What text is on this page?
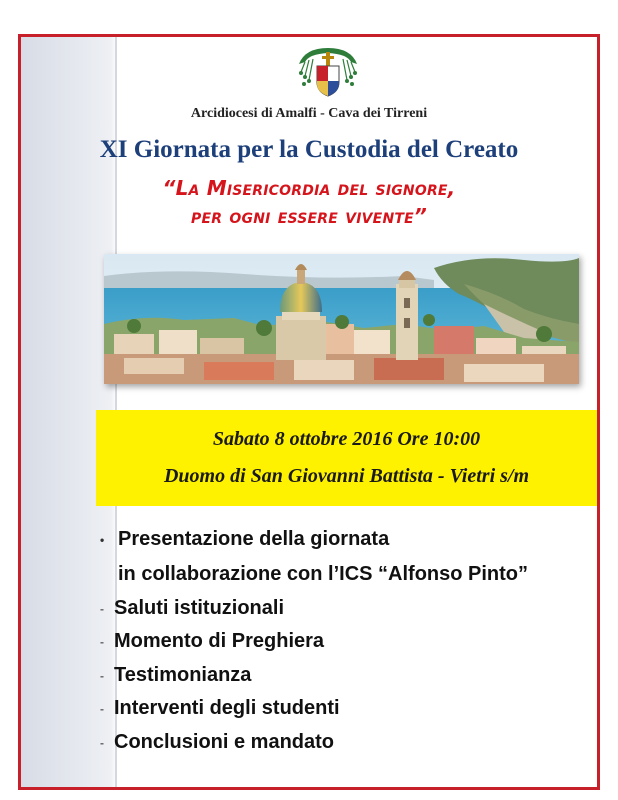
Arcidiocesi di Amalfi - Cava dei Tirreni
XI Giornata per la Custodia del Creato
“La Misericordia del signore,
per ogni essere vivente”
Sabato 8 ottobre 2016 Ore 10:00
Duomo di San Giovanni Battista - Vietri s/m
• Presentazione della giornata
in collaborazione con l’ICS “Alfonso Pinto”
- Saluti istituzionali
- Momento di Preghiera
- Testimonianza
- Interventi degli studenti
- Conclusioni e mandato
